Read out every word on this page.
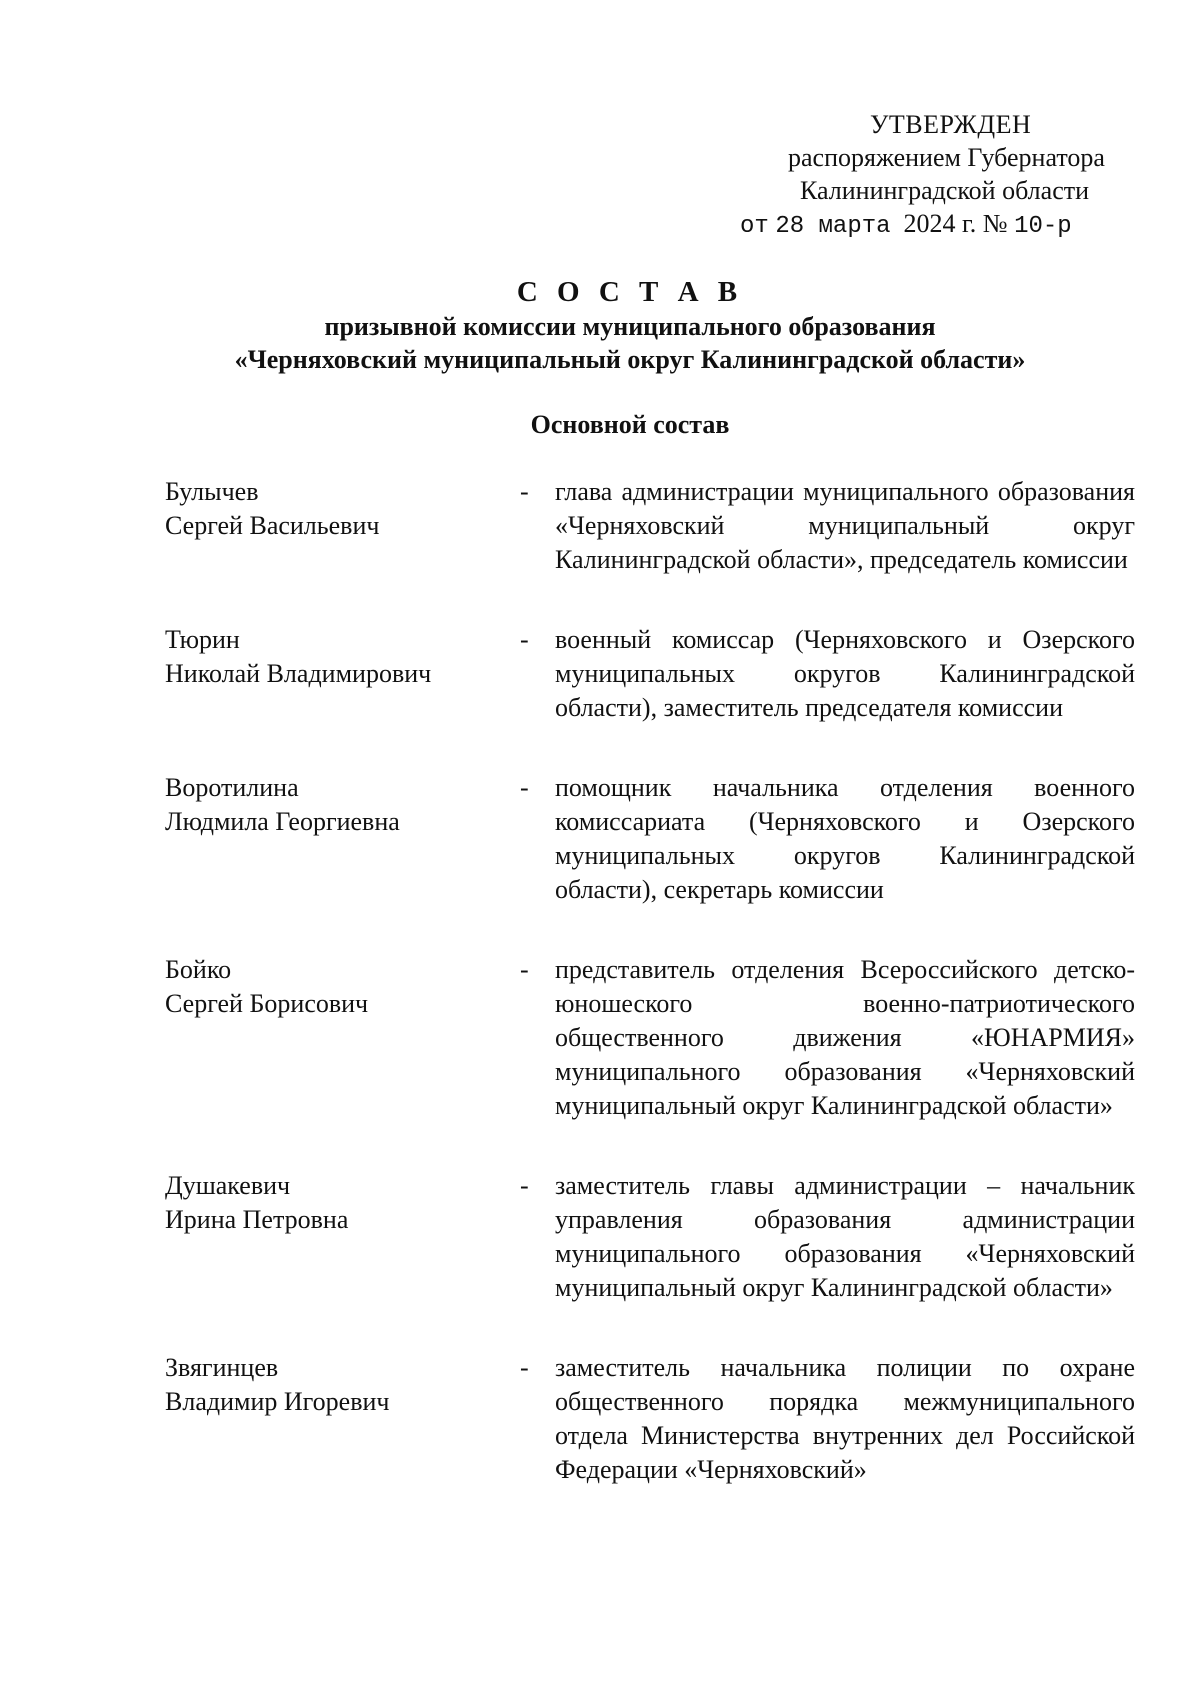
УТВЕРЖДЕН
распоряжением Губернатора
Калининградской области
от 28 марта 2024 г. № 10-р
С О С Т А В
призывной комиссии муниципального образования
«Черняховский муниципальный округ Калининградской области»
Основной состав
Булычев
Сергей Васильевич
-	глава администрации муниципального образования «Черняховский муниципальный округ Калининградской области», председатель комиссии
Тюрин
Николай Владимирович
-	военный комиссар (Черняховского и Озерского муниципальных округов Калининградской области), заместитель председателя комиссии
Воротилина
Людмила Георгиевна
-	помощник начальника отделения военного комиссариата (Черняховского и Озерского муниципальных округов Калининградской области), секретарь комиссии
Бойко
Сергей Борисович
-	представитель отделения Всероссийского детско-юношеского военно-патриотического общественного движения «ЮНАРМИЯ» муниципального образования «Черняховский муниципальный округ Калининградской области»
Душакевич
Ирина Петровна
-	заместитель главы администрации – начальник управления образования администрации муниципального образования «Черняховский муниципальный округ Калининградской области»
Звягинцев
Владимир Игоревич
-	заместитель начальника полиции по охране общественного порядка межмуниципального отдела Министерства внутренних дел Российской Федерации «Черняховский»
